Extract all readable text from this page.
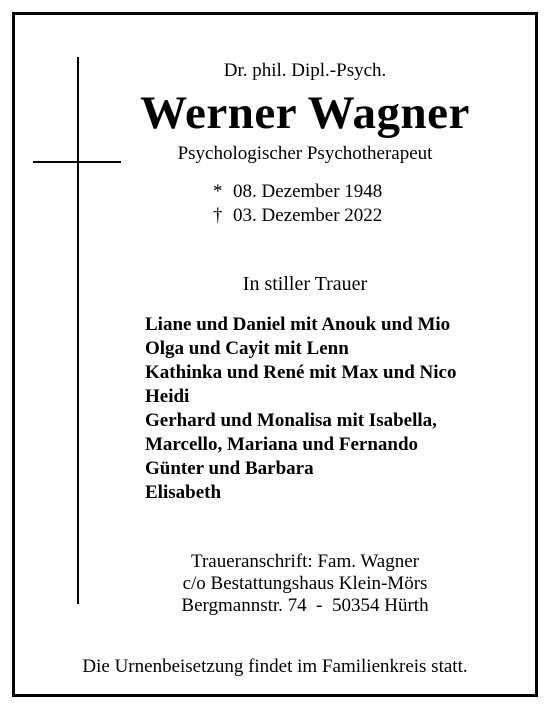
Dr. phil. Dipl.-Psych.
Werner Wagner
Psychologischer Psychotherapeut
* 08. Dezember 1948
† 03. Dezember 2022
In stiller Trauer
Liane und Daniel mit Anouk und Mio
Olga und Cayit mit Lenn
Kathinka und René mit Max und Nico
Heidi
Gerhard und Monalisa mit Isabella,
Marcello, Mariana und Fernando
Günter und Barbara
Elisabeth
Traueranschrift: Fam. Wagner
c/o Bestattungshaus Klein-Mörs
Bergmannstr. 74  -  50354 Hürth
Die Urnenbeisetzung findet im Familienkreis statt.
